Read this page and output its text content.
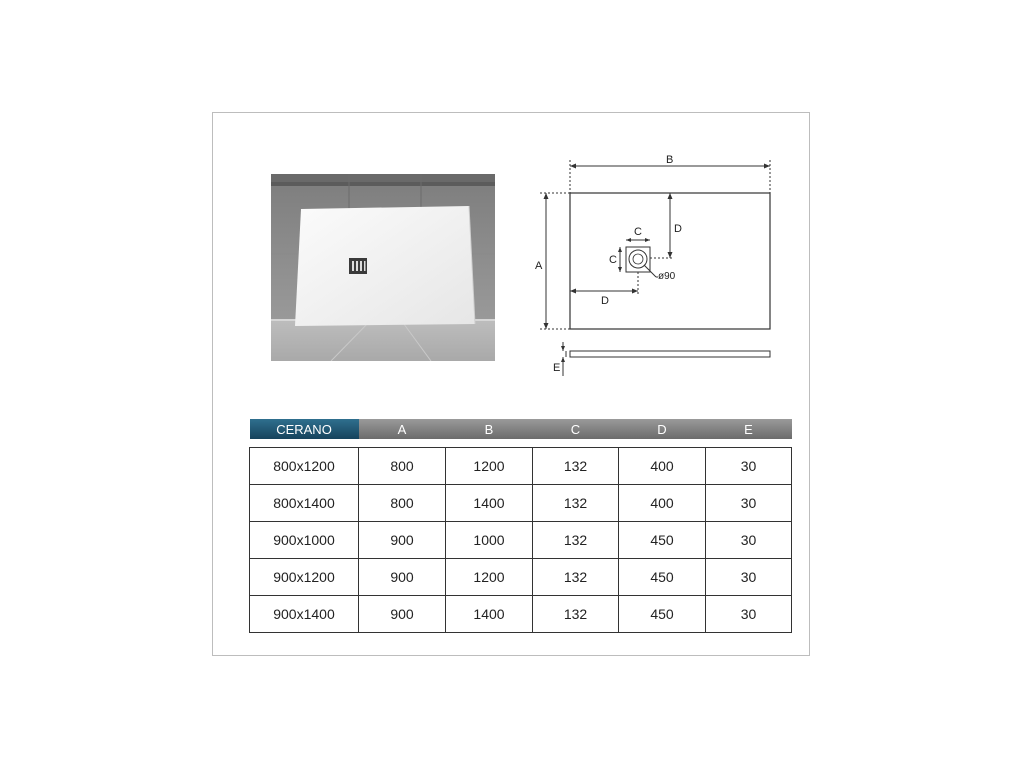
B
A
C
C
D
D
ø90
E
CERANO	A	B	C	D	E

800x1200	800	1200	132	400	30
800x1400	800	1400	132	400	30
900x1000	900	1000	132	450	30
900x1200	900	1200	132	450	30
900x1400	900	1400	132	450	30
